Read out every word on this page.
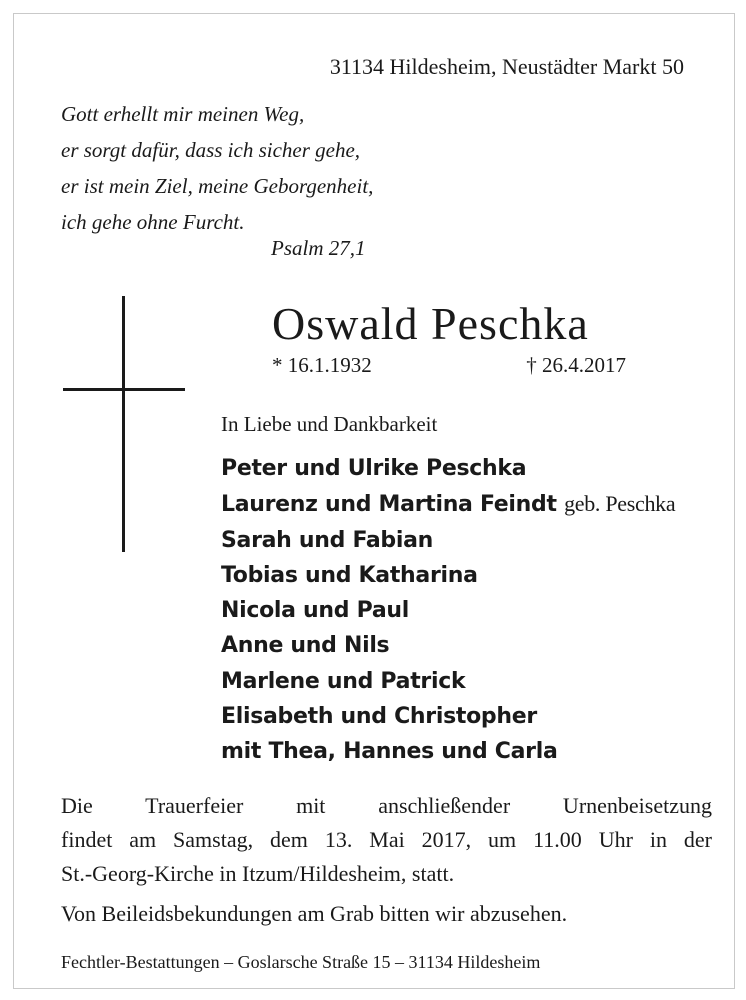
31134 Hildesheim, Neustädter Markt 50
Gott erhellt mir meinen Weg,
er sorgt dafür, dass ich sicher gehe,
er ist mein Ziel, meine Geborgenheit,
ich gehe ohne Furcht.
Psalm 27,1
Oswald Peschka
* 16.1.1932	† 26.4.2017
In Liebe und Dankbarkeit
Peter und Ulrike Peschka
Laurenz und Martina Feindt geb. Peschka
Sarah und Fabian
Tobias und Katharina
Nicola und Paul
Anne und Nils
Marlene und Patrick
Elisabeth und Christopher
mit Thea, Hannes und Carla
Die Trauerfeier mit anschließender Urnenbeisetzung
findet am Samstag, dem 13. Mai 2017, um 11.00 Uhr in der
St.-Georg-Kirche in Itzum/Hildesheim, statt.
Von Beileidsbekundungen am Grab bitten wir abzusehen.
Fechtler-Bestattungen – Goslarsche Straße 15 – 31134 Hildesheim
